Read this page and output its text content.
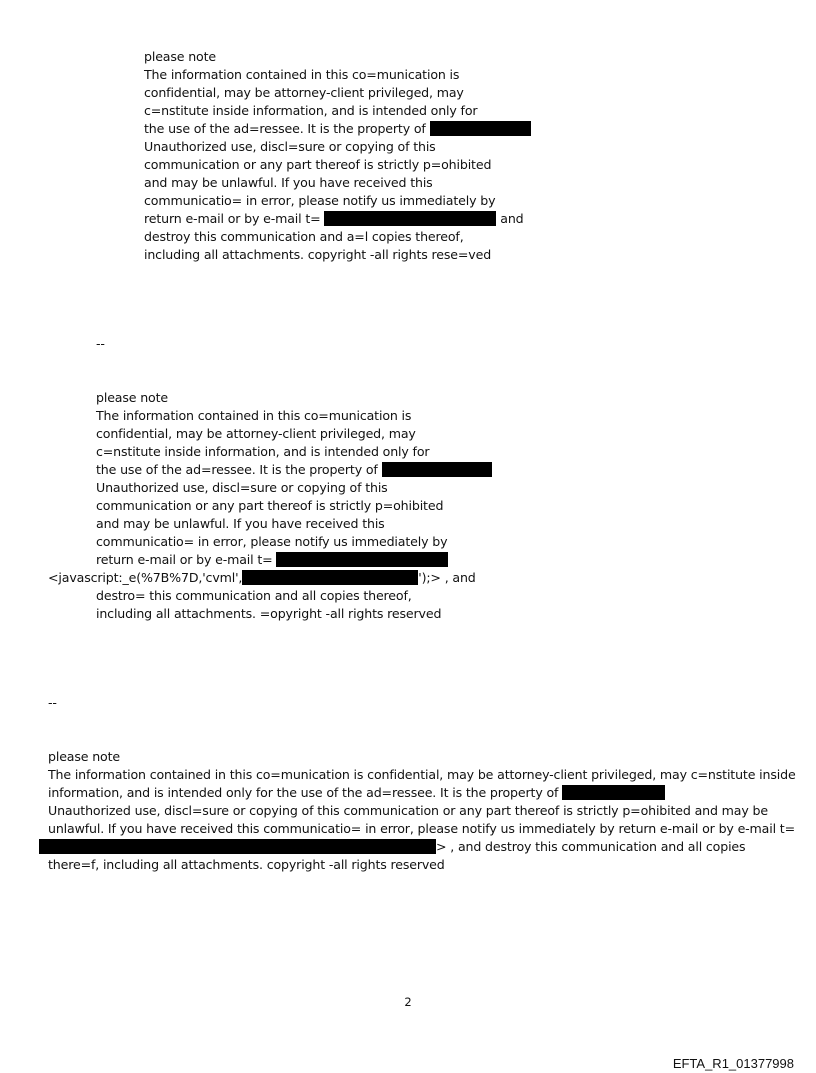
please note
The information contained in this co=munication is
confidential, may be attorney-client privileged, may
c=nstitute inside information, and is intended only for
the use of the ad=ressee. It is the property of
Unauthorized use, discl=sure or copying of this
communication or any part thereof is strictly p=ohibited
and may be unlawful. If you have received this
communicatio= in error, please notify us immediately by
return e-mail or by e-mail t=	and
destroy this communication and a=l copies thereof,
including all attachments. copyright -all rights rese=ved
--
please note
The information contained in this co=munication is
confidential, may be attorney-client privileged, may
c=nstitute inside information, and is intended only for
the use of the ad=ressee. It is the property of
Unauthorized use, discl=sure or copying of this
communication or any part thereof is strictly p=ohibited
and may be unlawful. If you have received this
communicatio= in error, please notify us immediately by
return e-mail or by e-mail t=
<javascript:_e(%7B%7D,'cvml',	');> , and
destro= this communication and all copies thereof,
including all attachments. =opyright -all rights reserved
--
please note
The information contained in this co=munication is confidential, may be attorney-client privileged, may c=nstitute inside
information, and is intended only for the use of the ad=ressee. It is the property of
Unauthorized use, discl=sure or copying of this communication or any part thereof is strictly p=ohibited and may be
unlawful. If you have received this communicatio= in error, please notify us immediately by return e-mail or by e-mail t=
> , and destroy this communication and all copies
there=f, including all attachments. copyright -all rights reserved
2
EFTA_R1_01377998
